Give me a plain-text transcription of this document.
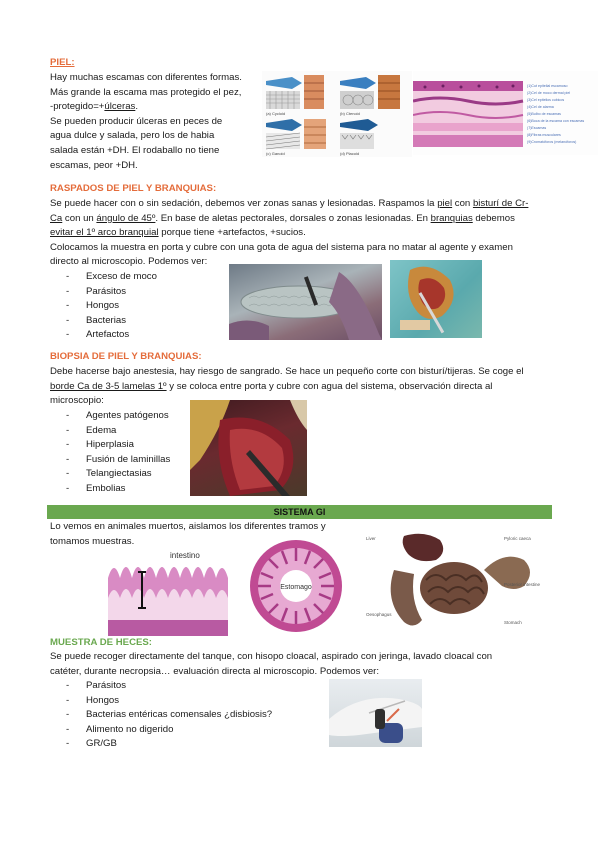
PIEL:
Hay muchas escamas con diferentes formas.
Más grande la escama mas protegido el pez,
-protegido=+úlceras.
Se pueden producir úlceras en peces de
agua dulce y salada, pero los de habia
salada están +DH. El rodaballo no tiene
escamas, peor +DH.
(a) Cycloid	(b) Ctenoid
(c) Ganoid	(d) Placoid
(1)Cut epitelial escamoso
(2)Cel de moco dermal piel
(3)Cel epitelios cubicos
(4)Cel de alarma
(5)Bulbo de escamas
(6)Boca de la escama con escamas
(7)Escamas
(8)Fibras musculares
(9)Cromatóforos (melanóforos)
RASPADOS DE PIEL Y BRANQUIAS:
Se puede hacer con o sin sedación, debemos ver zonas sanas y lesionadas. Raspamos la piel con bisturí de Cr-
Ca con un ángulo de 45º. En base de aletas pectorales, dorsales o zonas lesionadas. En branquias debemos
evitar el 1º arco branquial porque tiene +artefactos, +sucios.
Colocamos la muestra en porta y cubre con una gota de agua del sistema para no matar al agente y examen
directo al microscopio. Podemos ver:
- Exceso de moco
- Parásitos
- Hongos
- Bacterias
- Artefactos
BIOPSIA DE PIEL Y BRANQUIAS:
Debe hacerse bajo anestesia, hay riesgo de sangrado. Se hace un pequeño corte con bisturí/tijeras. Se coge el
borde Ca de 3-5 lamelas 1º y se coloca entre porta y cubre con agua del sistema, observación directa al
microscopio:
- Agentes patógenos
- Edema
- Hiperplasia
- Fusión de laminillas
- Telangiectasias
- Embolias
SISTEMA GI
Lo vemos en animales muertos, aislamos los diferentes tramos y
tomamos muestras.
intestino
Estomago
Liver	Pyloric caeca
Posterior intestine
Oesophagus
Stomach
MUESTRA DE HECES:
Se puede recoger directamente del tanque, con hisopo cloacal, aspirado con jeringa, lavado cloacal con
catéter, durante necropsia… evaluación directa al microscopio. Podemos ver:
- Parásitos
- Hongos
- Bacterias entéricas comensales ¿disbiosis?
- Alimento no digerido
- GR/GB
